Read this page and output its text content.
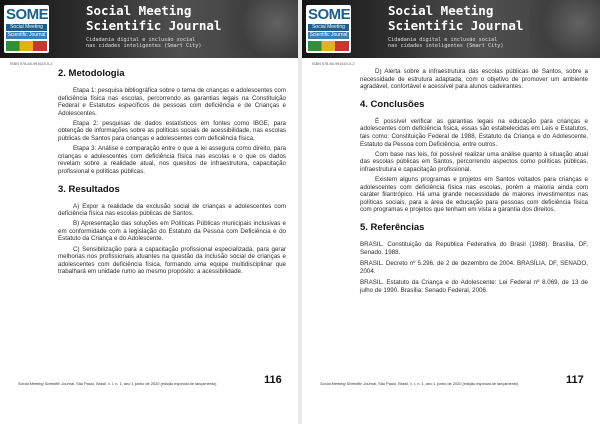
SOME
Social Meeting
Scientific Journal
Social Meeting
Scientific Journal
Cidadania digital e inclusão social
nas cidades inteligentes (Smart City)
ISBN 978-65-991619-0-2
2. Metodologia

Etapa 1: pesquisa bibliográfica sobre o tema de crianças e adolescentes com deficiência física nas escolas, percorrendo as garantias legais na Constituição Federal e Estatutos específicos de pessoas com deficiência e de Crianças e Adolescentes.

Etapa 2: pesquisas de dados estatísticos em fontes como IBGE, para obtenção de informações sobre as políticas sociais de acessibilidade, nas escolas públicas de Santos para crianças e adolescentes com deficiência física.

Etapa 3: Análise e comparação entre o que a lei assegura como direito, para crianças e adolescentes com deficiência física nas escolas e o que os dados revelam sobre a realidade atual, nos quesitos de infraestrutura, capacitação profissional e políticas públicas.

3. Resultados

A) Expor a realidade da exclusão social de crianças e adolescentes com deficiência física nas escolas públicas de Santos.

B) Apresentação das soluções em Políticas Públicas municipais inclusivas e em conformidade com a legislação do Estatuto da Pessoa com Deficiência e do Estatuto da Criança e do Adolescente.

C) Sensibilização para a capacitação profissional especializada, para gerar melhorias nos profissionais atuantes na questão da inclusão social de crianças e adolescentes com deficiência física, formando uma equipe multidisciplinar que trabalhará em unidade rumo ao mesmo propósito: a acessibilidade.

Social Meeting Scientific Journal, São Paulo, Brasil, v. I, n. 1, ano 1 junho de 2020 (edição especial de lançamento)	116
SOME
Social Meeting
Scientific Journal
Social Meeting
Scientific Journal
Cidadania digital e inclusão social
nas cidades inteligentes (Smart City)
ISBN 978-65-991619-0-2

D) Alerta sobre a infraestrutura das escolas públicas de Santos, sobre a necessidade de estrutura adaptada, com o objetivo de promover um ambiente agradável, confortável e acessível para alunos cadeirantes.

4. Conclusões

É possível verificar as garantias legais na educação para crianças e adolescentes com deficiência física, essas são estabelecidas em Leis e Estatutos, tais como: Constituição Federal de 1988, Estatuto da Criança e do Adolescente, Estatuto da Pessoa com Deficiência, entre outros.

Com base nas leis, foi possível realizar uma análise quanto à situação atual das escolas públicas em Santos, percorrendo aspectos como políticas públicas, infraestrutura e capacitação profissional.

Existem alguns programas e projetos em Santos voltados para crianças e adolescentes com deficiência física nas escolas, porém a maioria ainda com caráter filantrópico. Há uma grande necessidade de maiores investimentos nas políticas sociais, para a área de educação para pessoas com deficiência física com programas e projetos que tenham em vista a garantia dos direitos.

5. Referências

BRASIL. Constituição da República Federativa do Brasil (1988). Brasília, DF, Senado. 1988.

BRASIL. Decreto nº 5.296, de 2 de dezembro de 2004. BRASÍLIA, DF, SENADO, 2004.

BRASIL. Estatuto da Criança e do Adolescente: Lei Federal nº 8.069, de 13 de julho de 1990. Brasília: Senado Federal, 2006.

Social Meeting Scientific Journal, São Paulo, Brasil, v. I, n. 1, ano 1 junho de 2020 (edição especial de lançamento)	117
